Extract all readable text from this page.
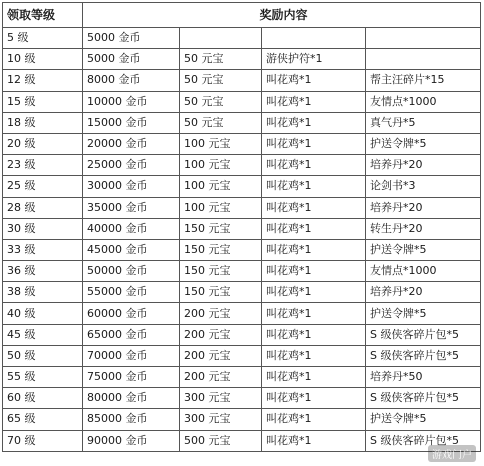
领取等级	奖励内容			
5 级	5000 金币			
10 级	5000 金币	50 元宝	游侠护符*1	
12 级	8000 金币	50 元宝	叫花鸡*1	帮主汪碎片*15
15 级	10000 金币	50 元宝	叫花鸡*1	友情点*1000
18 级	15000 金币	50 元宝	叫花鸡*1	真气丹*5
20 级	20000 金币	100 元宝	叫花鸡*1	护送令牌*5
23 级	25000 金币	100 元宝	叫花鸡*1	培养丹*20
25 级	30000 金币	100 元宝	叫花鸡*1	论剑书*3
28 级	35000 金币	100 元宝	叫花鸡*1	培养丹*20
30 级	40000 金币	150 元宝	叫花鸡*1	转生丹*20
33 级	45000 金币	150 元宝	叫花鸡*1	护送令牌*5
36 级	50000 金币	150 元宝	叫花鸡*1	友情点*1000
38 级	55000 金币	150 元宝	叫花鸡*1	培养丹*20
40 级	60000 金币	200 元宝	叫花鸡*1	护送令牌*5
45 级	65000 金币	200 元宝	叫花鸡*1	S 级侠客碎片包*5
50 级	70000 金币	200 元宝	叫花鸡*1	S 级侠客碎片包*5
55 级	75000 金币	200 元宝	叫花鸡*1	培养丹*50
60 级	80000 金币	300 元宝	叫花鸡*1	S 级侠客碎片包*5
65 级	85000 金币	300 元宝	叫花鸡*1	护送令牌*5
70 级	90000 金币	500 元宝	叫花鸡*1	S 级侠客碎片包*5
游戏门户
